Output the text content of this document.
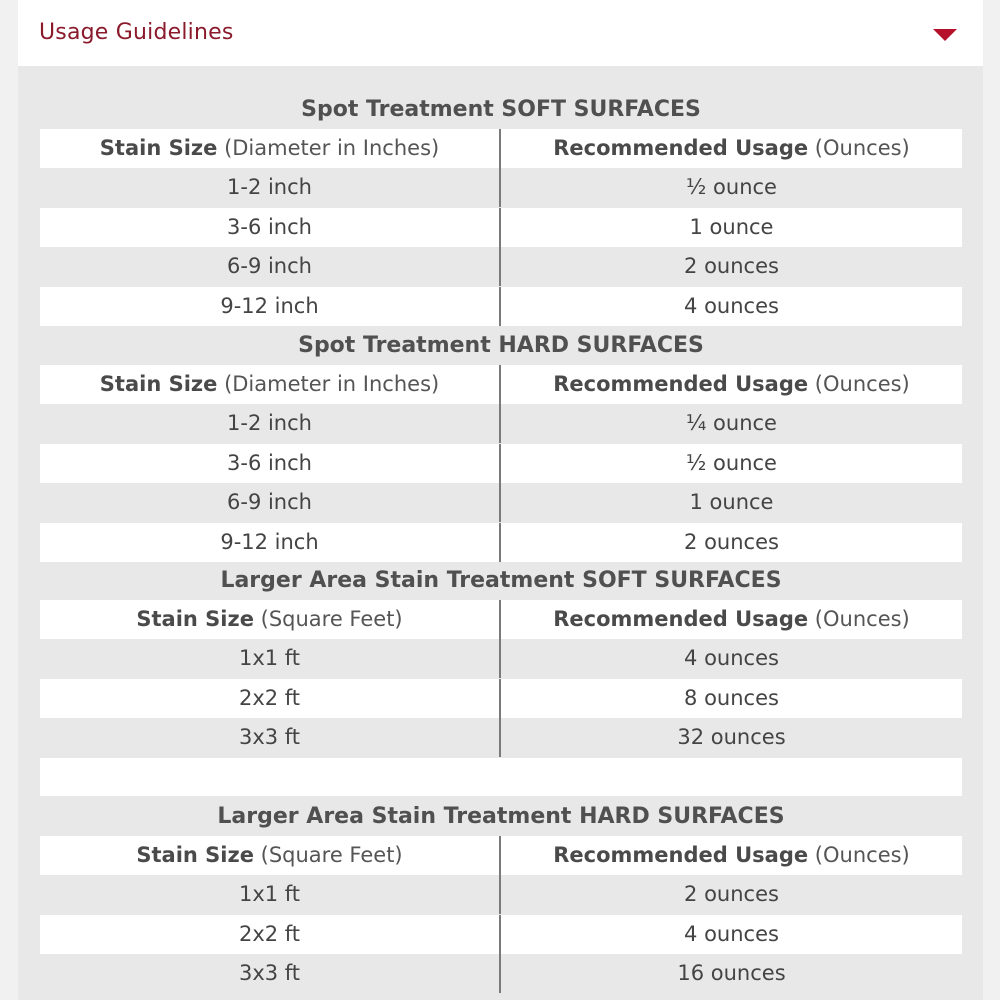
Usage Guidelines
Spot Treatment SOFT SURFACES
Stain Size (Diameter in Inches)	Recommended Usage (Ounces)
1-2 inch	½ ounce
3-6 inch	1 ounce
6-9 inch	2 ounces
9-12 inch	4 ounces
Spot Treatment HARD SURFACES
Stain Size (Diameter in Inches)	Recommended Usage (Ounces)
1-2 inch	¼ ounce
3-6 inch	½ ounce
6-9 inch	1 ounce
9-12 inch	2 ounces
Larger Area Stain Treatment SOFT SURFACES
Stain Size (Square Feet)	Recommended Usage (Ounces)
1x1 ft	4 ounces
2x2 ft	8 ounces
3x3 ft	32 ounces
Larger Area Stain Treatment HARD SURFACES
Stain Size (Square Feet)	Recommended Usage (Ounces)
1x1 ft	2 ounces
2x2 ft	4 ounces
3x3 ft	16 ounces
